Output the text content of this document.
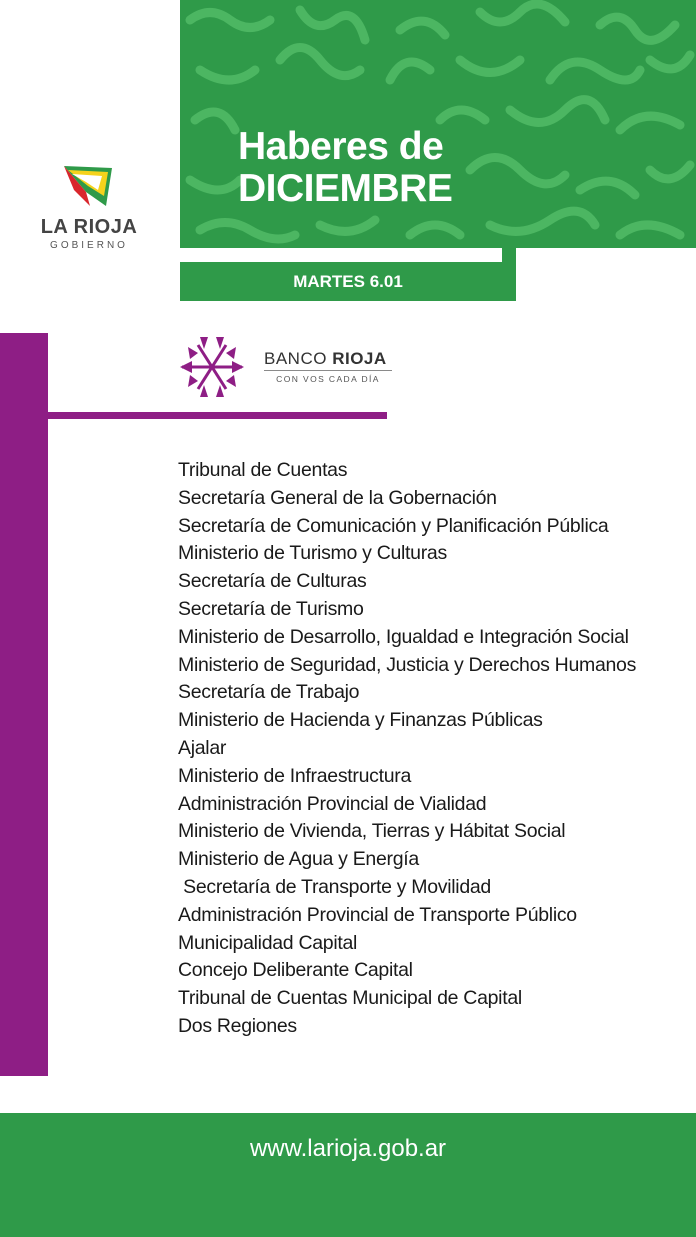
Haberes de
DICIEMBRE
MARTES 6.01
LA RIOJA
GOBIERNO
BANCO RIOJA
CON VOS CADA DÍA
Tribunal de Cuentas
Secretaría General de la Gobernación
Secretaría de Comunicación y Planificación Pública
Ministerio de Turismo y Culturas
Secretaría de Culturas
Secretaría de Turismo
Ministerio de Desarrollo, Igualdad e Integración Social
Ministerio de Seguridad, Justicia y Derechos Humanos
Secretaría de Trabajo
Ministerio de Hacienda y Finanzas Públicas
Ajalar
Ministerio de Infraestructura
Administración Provincial de Vialidad
Ministerio de Vivienda, Tierras y Hábitat Social
Ministerio de Agua y Energía
Secretaría de Transporte y Movilidad
Administración Provincial de Transporte Público
Municipalidad Capital
Concejo Deliberante Capital
Tribunal de Cuentas Municipal de Capital
Dos Regiones
www.larioja.gob.ar
